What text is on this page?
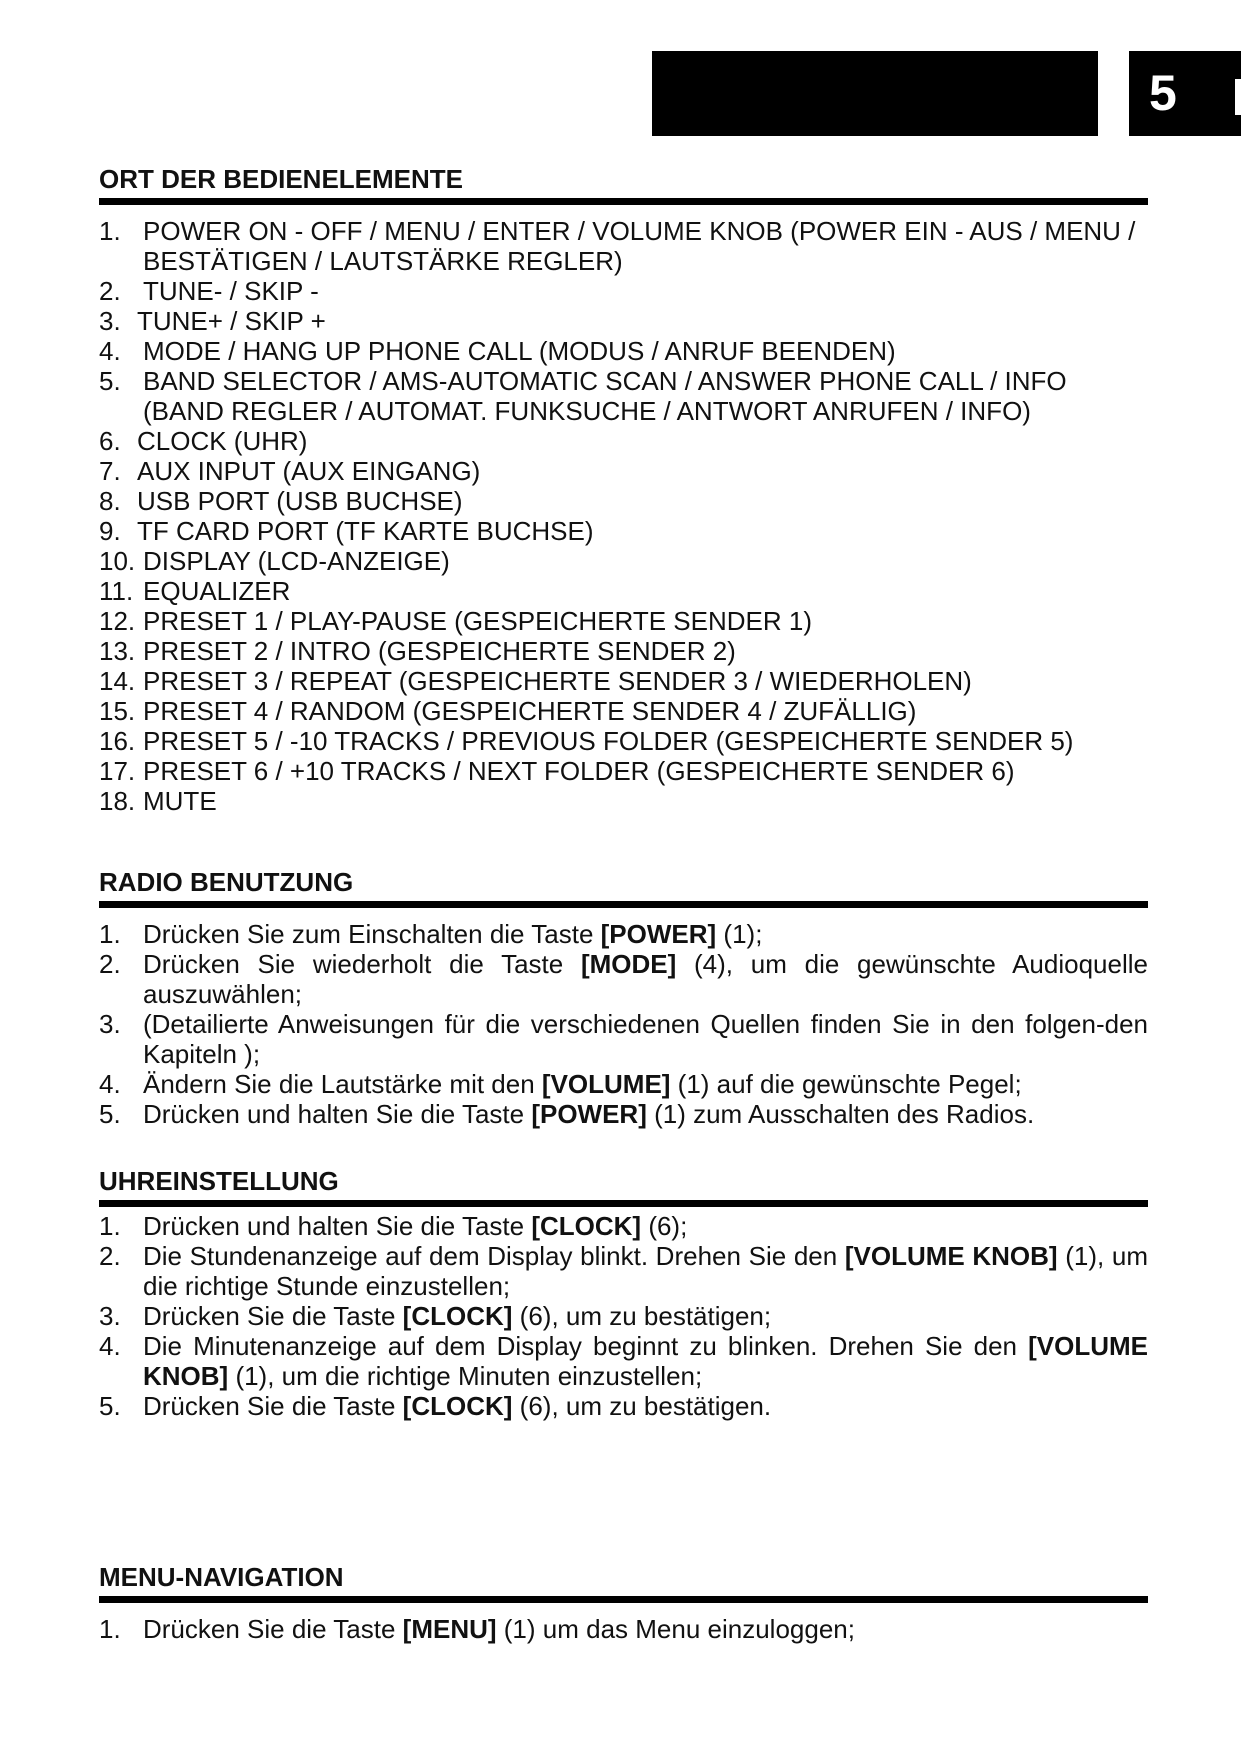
5
ORT DER BEDIENELEMENTE
1. POWER ON - OFF / MENU / ENTER / VOLUME KNOB (POWER EIN - AUS / MENU / BESTÄTIGEN / LAUTSTÄRKE REGLER)
2. TUNE- / SKIP -
3. TUNE+ / SKIP +
4. MODE / HANG UP PHONE CALL (MODUS / ANRUF BEENDEN)
5. BAND SELECTOR / AMS-AUTOMATIC SCAN / ANSWER PHONE CALL / INFO (BAND REGLER / AUTOMAT. FUNKSUCHE / ANTWORT ANRUFEN / INFO)
6. CLOCK (UHR)
7. AUX INPUT (AUX EINGANG)
8. USB PORT (USB BUCHSE)
9. TF CARD PORT (TF KARTE BUCHSE)
10. DISPLAY (LCD-ANZEIGE)
11. EQUALIZER
12. PRESET 1 / PLAY-PAUSE (GESPEICHERTE SENDER 1)
13. PRESET 2 / INTRO (GESPEICHERTE SENDER 2)
14. PRESET 3 / REPEAT (GESPEICHERTE SENDER 3 / WIEDERHOLEN)
15. PRESET 4 / RANDOM (GESPEICHERTE SENDER 4 / ZUFÄLLIG)
16. PRESET 5 / -10 TRACKS / PREVIOUS FOLDER (GESPEICHERTE SENDER 5)
17. PRESET 6 / +10 TRACKS / NEXT FOLDER (GESPEICHERTE SENDER 6)
18. MUTE
RADIO BENUTZUNG
1. Drücken Sie zum Einschalten die Taste [POWER] (1);
2. Drücken Sie wiederholt die Taste [MODE] (4), um die gewünschte Audioquelle auszuwählen;
3. (Detailierte Anweisungen für die verschiedenen Quellen finden Sie in den folgen-den Kapiteln );
4. Ändern Sie die Lautstärke mit den [VOLUME] (1) auf die gewünschte Pegel;
5. Drücken und halten Sie die Taste [POWER] (1) zum Ausschalten des Radios.
UHREINSTELLUNG
1. Drücken und halten Sie die Taste [CLOCK] (6);
2. Die Stundenanzeige auf dem Display blinkt. Drehen Sie den [VOLUME KNOB] (1), um die richtige Stunde einzustellen;
3. Drücken Sie die Taste [CLOCK] (6), um zu bestätigen;
4. Die Minutenanzeige auf dem Display beginnt zu blinken. Drehen Sie den [VOLUME KNOB] (1), um die richtige Minuten einzustellen;
5. Drücken Sie die Taste [CLOCK] (6), um zu bestätigen.
MENU-NAVIGATION
1. Drücken Sie die Taste [MENU] (1) um das Menu einzuloggen;
